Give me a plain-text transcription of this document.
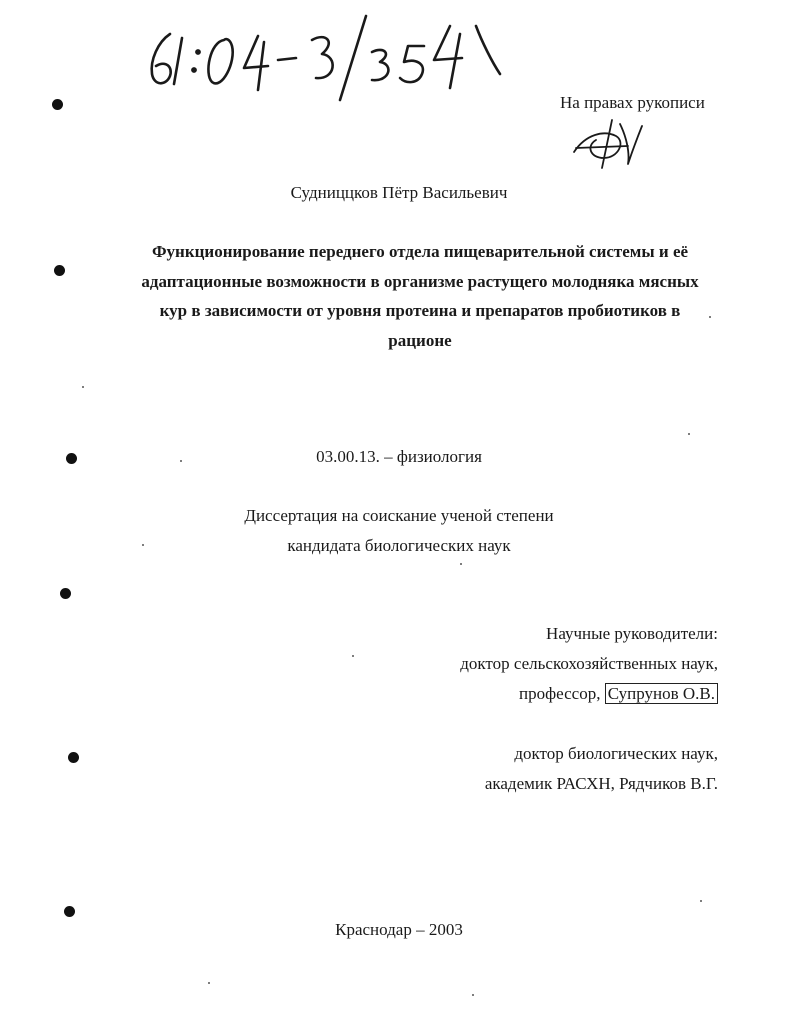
На правах рукописи
Судниццков Пётр Васильевич
Функционирование переднего отдела пищеварительной системы и её
адаптационные возможности в организме растущего молодняка мясных
кур в зависимости от уровня протеина и препаратов пробиотиков в
рационе
03.00.13. – физиология
Диссертация на соискание ученой степени
кандидата биологических наук
Научные руководители:
доктор сельскохозяйственных наук,
профессор, Супрунов О.В.
доктор биологических наук,
академик РАСХН, Рядчиков В.Г.
Краснодар – 2003
